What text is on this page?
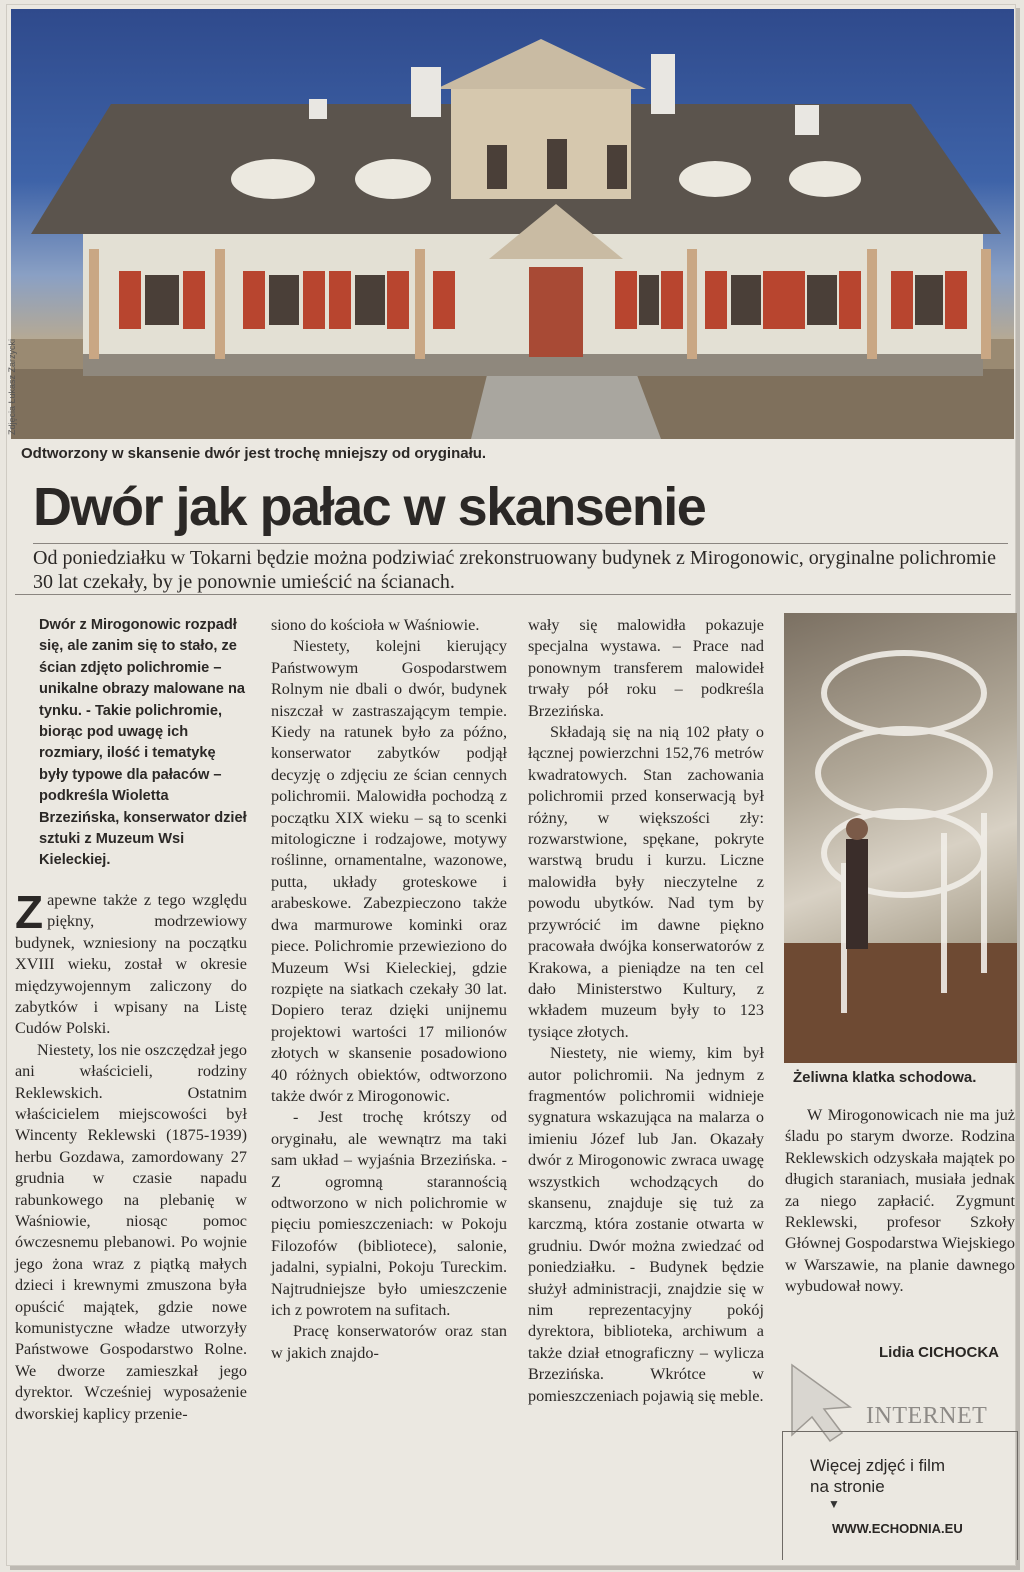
Zdjęcia Łukasz Zarzycki
Odtworzony w skansenie dwór jest trochę mniejszy od oryginału.
Dwór jak pałac w skansenie
Od poniedziałku w Tokarni będzie można podziwiać zrekonstruowany budynek z Mirogonowic, oryginalne polichromie 30 lat czekały, by je ponownie umieścić na ścianach.
Dwór z Mirogonowic rozpadł się, ale zanim się to stało, ze ścian zdjęto polichromie – unikalne obrazy malowane na tynku. - Takie polichromie, biorąc pod uwagę ich rozmiary, ilość i tematykę były typowe dla pałaców – podkreśla Wioletta Brzezińska, konserwator dzieł sztuki z Muzeum Wsi Kieleckiej.

Zapewne także z tego względu piękny, modrzewiowy budynek, wzniesiony na początku XVIII wieku, został w okresie międzywojennym zaliczony do zabytków i wpisany na Listę Cudów Polski.

Niestety, los nie oszczędzał jego ani właścicieli, rodziny Reklewskich. Ostatnim właścicielem miejscowości był Wincenty Reklewski (1875-1939) herbu Gozdawa, zamordowany 27 grudnia w czasie napadu rabunkowego na plebanię w Waśniowie, niosąc pomoc ówczesnemu plebanowi. Po wojnie jego żona wraz z piątką małych dzieci i krewnymi zmuszona była opuścić majątek, gdzie nowe komunistyczne władze utworzyły Państwowe Gospodarstwo Rolne. We dworze zamieszkał jego dyrektor. Wcześniej wyposażenie dworskiej kaplicy przenie-

siono do kościoła w Waśniowie.

Niestety, kolejni kierujący Państwowym Gospodarstwem Rolnym nie dbali o dwór, budynek niszczał w zastraszającym tempie. Kiedy na ratunek było za późno, konserwator zabytków podjął decyzję o zdjęciu ze ścian cennych polichromii. Malowidła pochodzą z początku XIX wieku – są to scenki mitologiczne i rodzajowe, motywy roślinne, ornamentalne, wazonowe, putta, układy groteskowe i arabeskowe. Zabezpieczono także dwa marmurowe kominki oraz piece. Polichromie przewieziono do Muzeum Wsi Kieleckiej, gdzie rozpięte na siatkach czekały 30 lat. Dopiero teraz dzięki unijnemu projektowi wartości 17 milionów złotych w skansenie posadowiono 40 różnych obiektów, odtworzono także dwór z Mirogonowic.

- Jest trochę krótszy od oryginału, ale wewnątrz ma taki sam układ – wyjaśnia Brzezińska. - Z ogromną starannością odtworzono w nich polichromie w pięciu pomieszczeniach: w Pokoju Filozofów (bibliotece), salonie, jadalni, sypialni, Pokoju Tureckim. Najtrudniejsze było umieszczenie ich z powrotem na sufitach.

Pracę konserwatorów oraz stan w jakich znajdo-

wały się malowidła pokazuje specjalna wystawa. – Prace nad ponownym transferem malowideł trwały pół roku – podkreśla Brzezińska.

Składają się na nią 102 płaty o łącznej powierzchni 152,76 metrów kwadratowych. Stan zachowania polichromii przed konserwacją był różny, w większości zły: rozwarstwione, spękane, pokryte warstwą brudu i kurzu. Liczne malowidła były nieczytelne z powodu ubytków. Nad tym by przywrócić im dawne piękno pracowała dwójka konserwatorów z Krakowa, a pieniądze na ten cel dało Ministerstwo Kultury, z wkładem muzeum były to 123 tysiące złotych.

Niestety, nie wiemy, kim był autor polichromii. Na jednym z fragmentów polichromii widnieje sygnatura wskazująca na malarza o imieniu Józef lub Jan. Okazały dwór z Mirogonowic zwraca uwagę wszystkich wchodzących do skansenu, znajduje się tuż za karczmą, która zostanie otwarta w grudniu. Dwór można zwiedzać od poniedziałku. - Budynek będzie służył administracji, znajdzie się w nim reprezentacyjny pokój dyrektora, biblioteka, archiwum a także dział etnograficzny – wylicza Brzezińska. Wkrótce w pomieszczeniach pojawią się meble.

Żeliwna klatka schodowa.

W Mirogonowicach nie ma już śladu po starym dworze. Rodzina Reklewskich odzyskała majątek po długich staraniach, musiała jednak za niego zapłacić. Zygmunt Reklewski, profesor Szkoły Głównej Gospodarstwa Wiejskiego w Warszawie, na planie dawnego wybudował nowy.

Lidia CICHOCKA
INTERNET
Więcej zdjęć i film
na stronie
▼
WWW.ECHODNIA.EU
